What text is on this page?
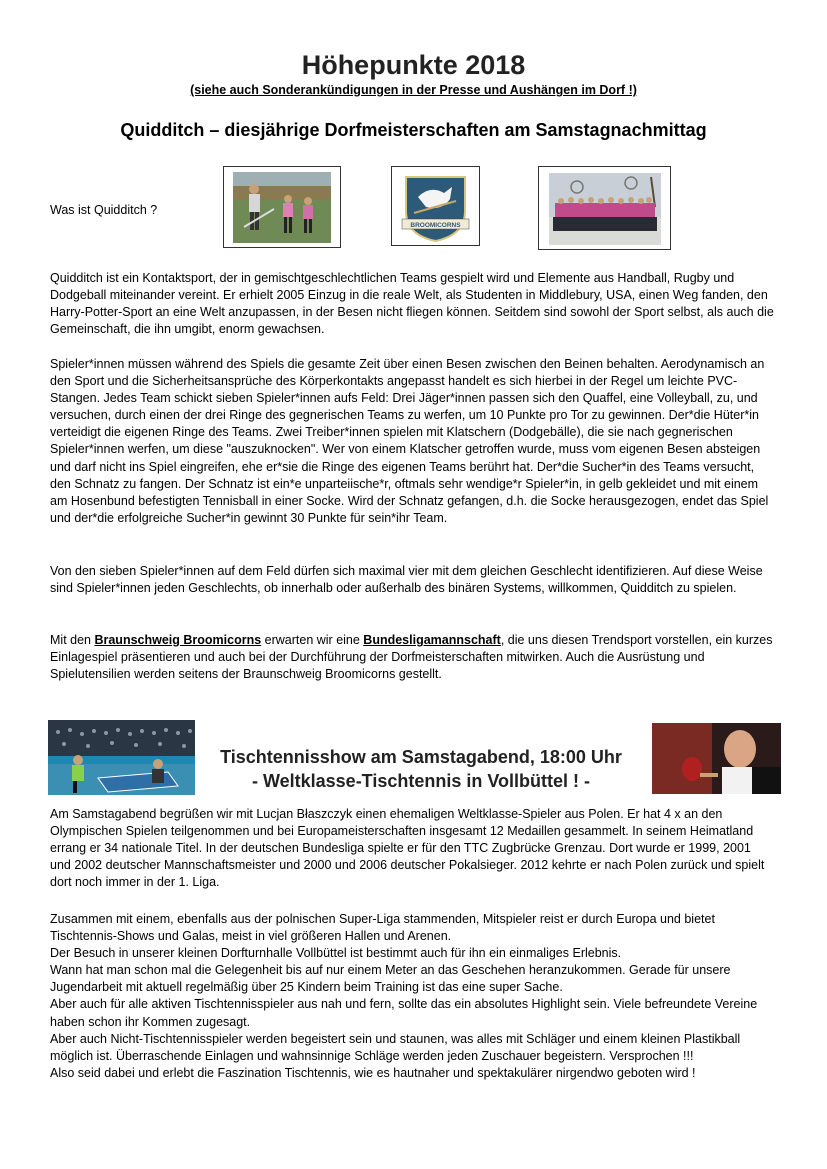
Höhepunkte 2018
(siehe auch Sonderankündigungen in der Presse und Aushängen im Dorf !)
Quidditch – diesjährige Dorfmeisterschaften am Samstagnachmittag
Was ist Quidditch ?
BROOMICORNS

Quidditch ist ein Kontaktsport, der in gemischtgeschlechtlichen Teams gespielt wird und Elemente aus Handball, Rugby und Dodgeball miteinander vereint. Er erhielt 2005 Einzug in die reale Welt, als Studenten in Middlebury, USA, einen Weg fanden, den Harry-Potter-Sport an eine Welt anzupassen, in der Besen nicht fliegen können. Seitdem sind sowohl der Sport selbst, als auch die Gemeinschaft, die ihn umgibt, enorm gewachsen.

Spieler*innen müssen während des Spiels die gesamte Zeit über einen Besen zwischen den Beinen behalten. Aerodynamisch an den Sport und die Sicherheitsansprüche des Körperkontakts angepasst handelt es sich hierbei in der Regel um leichte PVC-Stangen. Jedes Team schickt sieben Spieler*innen aufs Feld: Drei Jäger*innen passen sich den Quaffel, eine Volleyball, zu, und versuchen, durch einen der drei Ringe des gegnerischen Teams zu werfen, um 10 Punkte pro Tor zu gewinnen. Der*die Hüter*in verteidigt die eigenen Ringe des Teams. Zwei Treiber*innen spielen mit Klatschern (Dodgebälle), die sie nach gegnerischen Spieler*innen werfen, um diese "auszuknocken". Wer von einem Klatscher getroffen wurde, muss vom eigenen Besen absteigen und darf nicht ins Spiel eingreifen, ehe er*sie die Ringe des eigenen Teams berührt hat. Der*die Sucher*in des Teams versucht, den Schnatz zu fangen. Der Schnatz ist ein*e unparteiische*r, oftmals sehr wendige*r Spieler*in, in gelb gekleidet und mit einem am Hosenbund befestigten Tennisball in einer Socke. Wird der Schnatz gefangen, d.h. die Socke herausgezogen, endet das Spiel und der*die erfolgreiche Sucher*in gewinnt 30 Punkte für sein*ihr Team.

Von den sieben Spieler*innen auf dem Feld dürfen sich maximal vier mit dem gleichen Geschlecht identifizieren. Auf diese Weise sind Spieler*innen jeden Geschlechts, ob innerhalb oder außerhalb des binären Systems, willkommen, Quidditch zu spielen.

Mit den Braunschweig Broomicorns erwarten wir eine Bundesligamannschaft, die uns diesen Trendsport vorstellen, ein kurzes Einlagespiel präsentieren und auch bei der Durchführung der Dorfmeisterschaften mitwirken. Auch die Ausrüstung und Spielutensilien werden seitens der Braunschweig Broomicorns gestellt.

Tischtennisshow am Samstagabend, 18:00 Uhr
- Weltklasse-Tischtennis in Vollbüttel ! -

Am Samstagabend begrüßen wir mit Lucjan Błaszczyk einen ehemaligen Weltklasse-Spieler aus Polen. Er hat 4 x an den Olympischen Spielen teilgenommen und bei Europameisterschaften insgesamt 12 Medaillen gesammelt. In seinem Heimatland errang er 34 nationale Titel. In der deutschen Bundesliga spielte er für den TTC Zugbrücke Grenzau. Dort wurde er 1999, 2001 und 2002 deutscher Mannschaftsmeister und 2000 und 2006 deutscher Pokalsieger. 2012 kehrte er nach Polen zurück und spielt dort noch immer in der 1. Liga.

Zusammen mit einem, ebenfalls aus der polnischen Super-Liga stammenden, Mitspieler reist er durch Europa und bietet Tischtennis-Shows und Galas, meist in viel größeren Hallen und Arenen.

Der Besuch in unserer kleinen Dorfturnhalle Vollbüttel ist bestimmt auch für ihn ein einmaliges Erlebnis.

Wann hat man schon mal die Gelegenheit bis auf nur einem Meter an das Geschehen heranzukommen. Gerade für unsere Jugendarbeit mit aktuell regelmäßig über 25 Kindern beim Training ist das eine super Sache.

Aber auch für alle aktiven Tischtennisspieler aus nah und fern, sollte das ein absolutes Highlight sein. Viele befreundete Vereine haben schon ihr Kommen zugesagt.

Aber auch Nicht-Tischtennisspieler werden begeistert sein und staunen, was alles mit Schläger und einem kleinen Plastikball möglich ist. Überraschende Einlagen und wahnsinnige Schläge werden jeden Zuschauer begeistern. Versprochen !!!

Also seid dabei und erlebt die Faszination Tischtennis, wie es hautnaher und spektakulärer nirgendwo geboten wird !
